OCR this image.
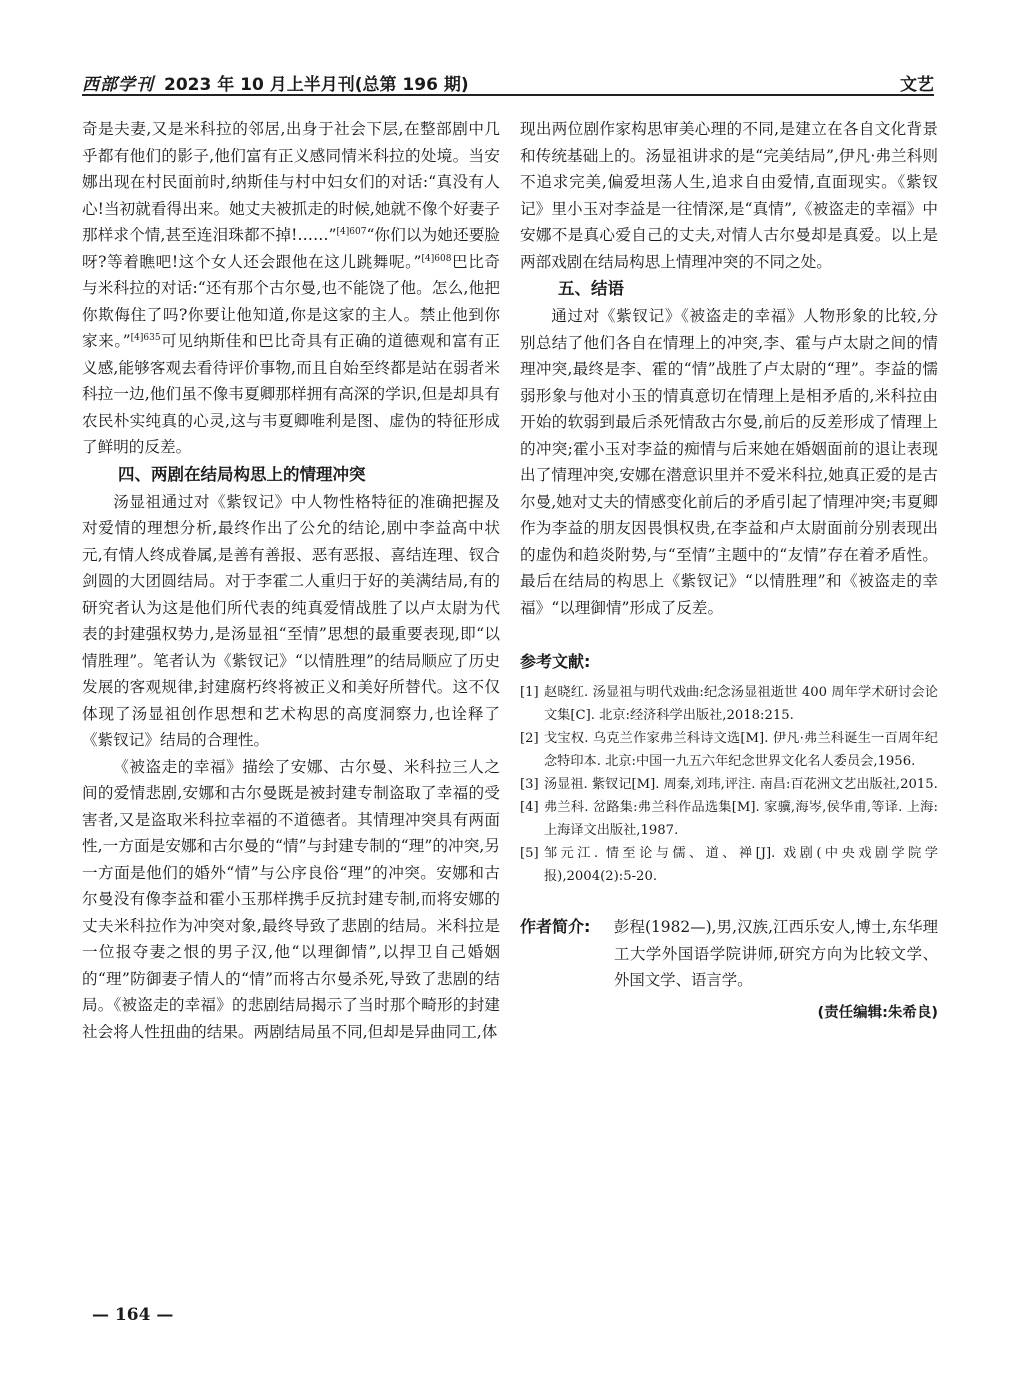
西部学刊 2023 年 10 月上半月刊(总第 196 期)	文艺

奇是夫妻,又是米科拉的邻居,出身于社会下层,在整部剧中几乎都有他们的影子,他们富有正义感同情米科拉的处境。当安娜出现在村民面前时,纳斯佳与村中妇女们的对话:“真没有人心!当初就看得出来。她丈夫被抓走的时候,她就不像个好妻子那样求个情,甚至连泪珠都不掉!……”$^{[4]607}$“你们以为她还要脸呀?等着瞧吧!这个女人还会跟他在这儿跳舞呢。”$^{[4]608}$巴比奇与米科拉的对话:“还有那个古尔曼,也不能饶了他。怎么,他把你欺侮住了吗?你要让他知道,你是这家的主人。禁止他到你家来。”$^{[4]635}$可见纳斯佳和巴比奇具有正确的道德观和富有正义感,能够客观去看待评价事物,而且自始至终都是站在弱者米科拉一边,他们虽不像韦夏卿那样拥有高深的学识,但是却具有农民朴实纯真的心灵,这与韦夏卿唯利是图、虚伪的特征形成了鲜明的反差。

四、两剧在结局构思上的情理冲突

汤显祖通过对《紫钗记》中人物性格特征的准确把握及对爱情的理想分析,最终作出了公允的结论,剧中李益高中状元,有情人终成眷属,是善有善报、恶有恶报、喜结连理、钗合剑圆的大团圆结局。对于李霍二人重归于好的美满结局,有的研究者认为这是他们所代表的纯真爱情战胜了以卢太尉为代表的封建强权势力,是汤显祖“至情”思想的最重要表现,即“以情胜理”。笔者认为《紫钗记》“以情胜理”的结局顺应了历史发展的客观规律,封建腐朽终将被正义和美好所替代。这不仅体现了汤显祖创作思想和艺术构思的高度洞察力,也诠释了《紫钗记》结局的合理性。

《被盗走的幸福》描绘了安娜、古尔曼、米科拉三人之间的爱情悲剧,安娜和古尔曼既是被封建专制盗取了幸福的受害者,又是盗取米科拉幸福的不道德者。其情理冲突具有两面性,一方面是安娜和古尔曼的“情”与封建专制的“理”的冲突,另一方面是他们的婚外“情”与公序良俗“理”的冲突。安娜和古尔曼没有像李益和霍小玉那样携手反抗封建专制,而将安娜的丈夫米科拉作为冲突对象,最终导致了悲剧的结局。米科拉是一位报夺妻之恨的男子汉,他“以理御情”,以捍卫自己婚姻的“理”防御妻子情人的“情”而将古尔曼杀死,导致了悲剧的结局。《被盗走的幸福》的悲剧结局揭示了当时那个畸形的封建社会将人性扭曲的结果。两剧结局虽不同,但却是异曲同工,体

现出两位剧作家构思审美心理的不同,是建立在各自文化背景和传统基础上的。汤显祖讲求的是“完美结局”,伊凡·弗兰科则不追求完美,偏爱坦荡人生,追求自由爱情,直面现实。《紫钗记》里小玉对李益是一往情深,是“真情”,《被盗走的幸福》中安娜不是真心爱自己的丈夫,对情人古尔曼却是真爱。以上是两部戏剧在结局构思上情理冲突的不同之处。

五、结语

通过对《紫钗记》《被盗走的幸福》人物形象的比较,分别总结了他们各自在情理上的冲突,李、霍与卢太尉之间的情理冲突,最终是李、霍的“情”战胜了卢太尉的“理”。李益的懦弱形象与他对小玉的情真意切在情理上是相矛盾的,米科拉由开始的软弱到最后杀死情敌古尔曼,前后的反差形成了情理上的冲突;霍小玉对李益的痴情与后来她在婚姻面前的退让表现出了情理冲突,安娜在潜意识里并不爱米科拉,她真正爱的是古尔曼,她对丈夫的情感变化前后的矛盾引起了情理冲突;韦夏卿作为李益的朋友因畏惧权贵,在李益和卢太尉面前分别表现出的虚伪和趋炎附势,与“至情”主题中的“友情”存在着矛盾性。最后在结局的构思上《紫钗记》“以情胜理”和《被盗走的幸福》“以理御情”形成了反差。

参考文献:
[1] 赵晓红. 汤显祖与明代戏曲:纪念汤显祖逝世 400 周年学术研讨会论文集[C]. 北京:经济科学出版社,2018:215.
[2] 戈宝权. 乌克兰作家弗兰科诗文选[M]. 伊凡·弗兰科诞生一百周年纪念特印本. 北京:中国一九五六年纪念世界文化名人委员会,1956.
[3] 汤显祖. 紫钗记[M]. 周秦,刘玮,评注. 南昌:百花洲文艺出版社,2015.
[4] 弗兰科. 岔路集:弗兰科作品选集[M]. 家骥,海岑,侯华甫,等译. 上海:上海译文出版社,1987.
[5] 邹元江. 情至论与儒、道、禅[J]. 戏剧(中央戏剧学院学报),2004(2):5-20.
作者简介:	彭程(1982—),男,汉族,江西乐安人,博士,东华理工大学外国语学院讲师,研究方向为比较文学、外国文学、语言学。
(责任编辑:朱希良)
— 164 —
